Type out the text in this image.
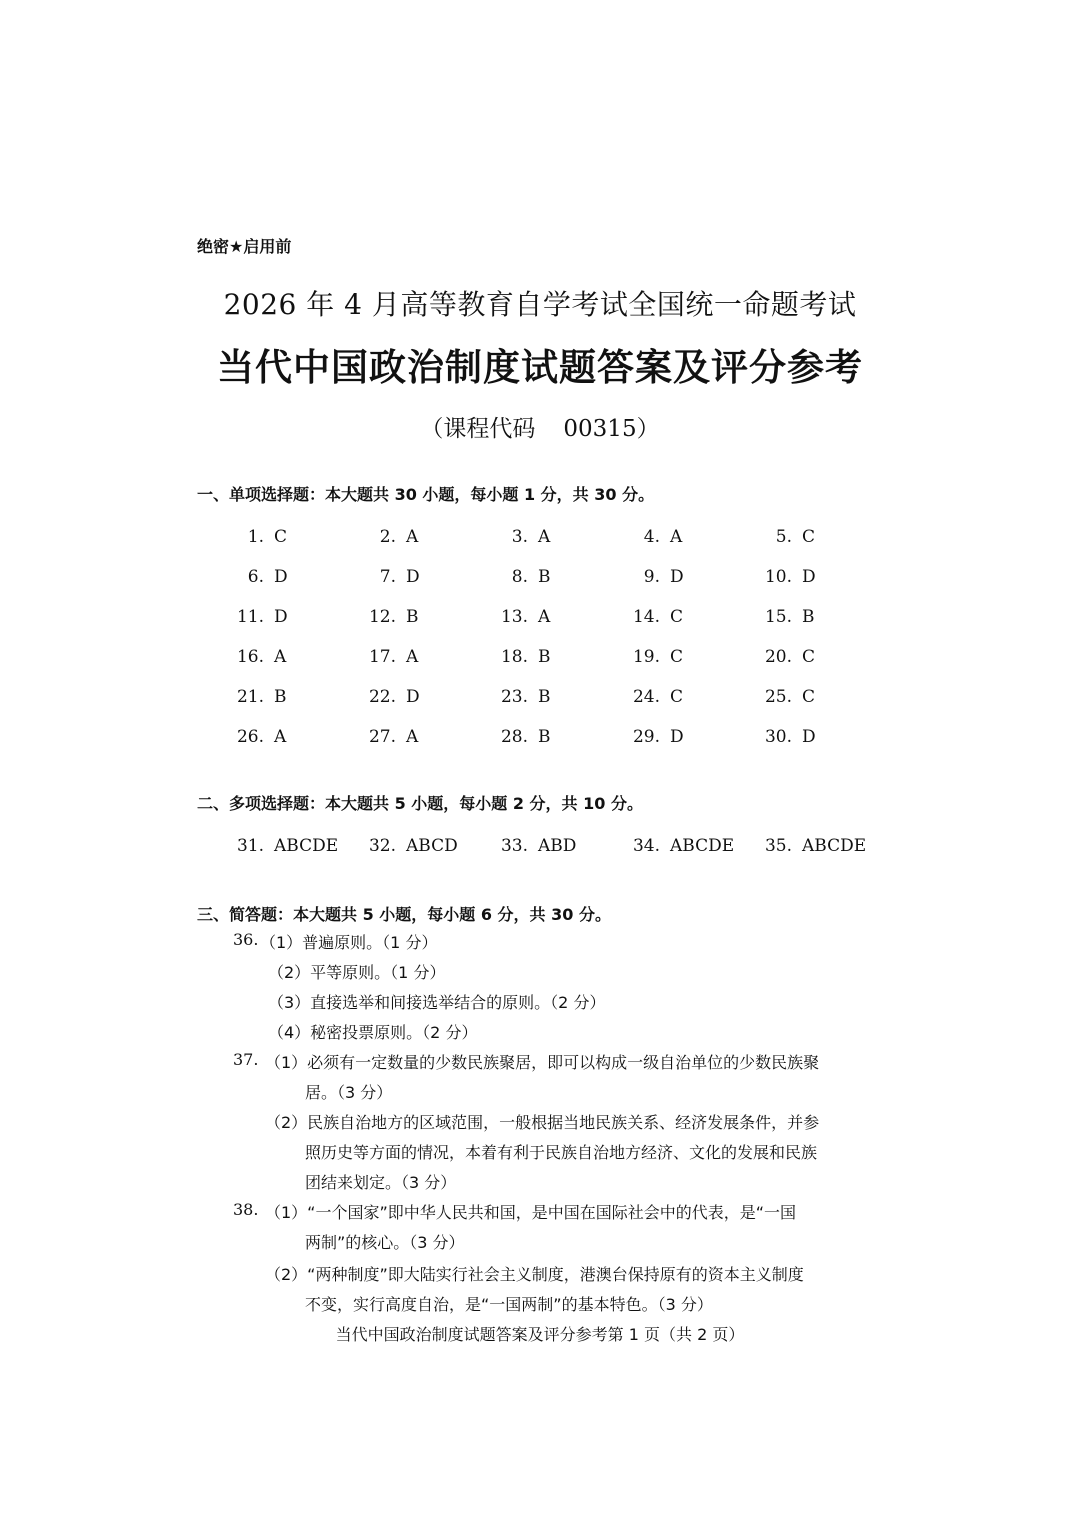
绝密★启用前
2026 年 4 月高等教育自学考试全国统一命题考试
当代中国政治制度试题答案及评分参考
（课程代码 00315）
一、单项选择题：本大题共 30 小题，每小题 1 分，共 30 分。
1. C	2. A	3. A	4. A	5. C
6. D	7. D	8. B	9. D	10. D
11. D	12. B	13. A	14. C	15. B
16. A	17. A	18. B	19. C	20. C
21. B	22. D	23. B	24. C	25. C
26. A	27. A	28. B	29. D	30. D
二、多项选择题：本大题共 5 小题，每小题 2 分，共 10 分。
31. ABCDE 32. ABCD	33. ABD	34. ABCDE 35. ABCDE
三、简答题：本大题共 5 小题，每小题 6 分，共 30 分。
36. （1）普遍原则。（1 分）
（2）平等原则。（1 分）
（3）直接选举和间接选举结合的原则。（2 分）
（4）秘密投票原则。（2 分）
37. （1）必须有一定数量的少数民族聚居，即可以构成一级自治单位的少数民族聚
居。（3 分）
（2）民族自治地方的区域范围，一般根据当地民族关系、经济发展条件，并参
照历史等方面的情况，本着有利于民族自治地方经济、文化的发展和民族
团结来划定。（3 分）
38. （1）“一个国家”即中华人民共和国，是中国在国际社会中的代表，是“一国
两制”的核心。（3 分）
（2）“两种制度”即大陆实行社会主义制度，港澳台保持原有的资本主义制度
不变，实行高度自治，是“一国两制”的基本特色。（3 分）
当代中国政治制度试题答案及评分参考第 1 页（共 2 页）
